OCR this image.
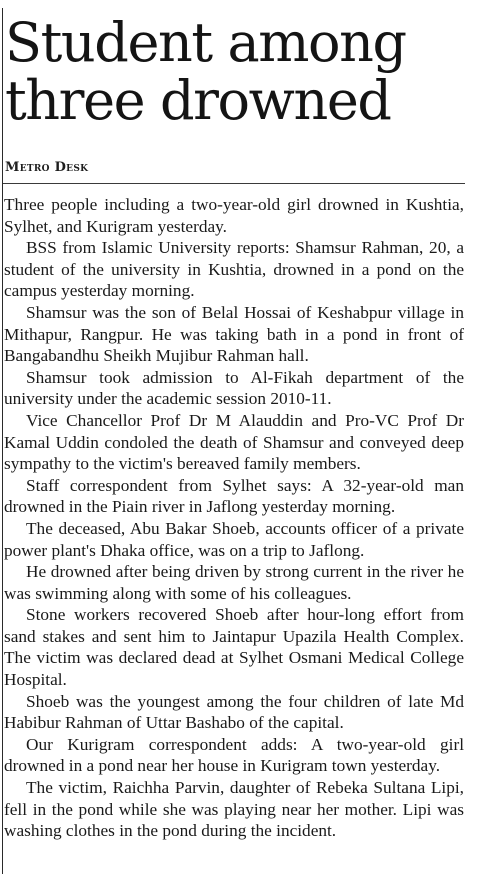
Student among
three drowned
Metro Desk

Three people including a two-year-old girl drowned in Kushtia, Sylhet, and Kurigram yesterday.

BSS from Islamic University reports: Shamsur Rahman, 20, a student of the university in Kushtia, drowned in a pond on the campus yesterday morning.

Shamsur was the son of Belal Hossai of Keshabpur village in Mithapur, Rangpur. He was taking bath in a pond in front of Bangabandhu Sheikh Mujibur Rahman hall.

Shamsur took admission to Al-Fikah department of the university under the academic session 2010-11.

Vice Chancellor Prof Dr M Alauddin and Pro-VC Prof Dr Kamal Uddin condoled the death of Shamsur and conveyed deep sympathy to the victim's bereaved family members.

Staff correspondent from Sylhet says: A 32-year-old man drowned in the Piain river in Jaflong yesterday morning.

The deceased, Abu Bakar Shoeb, accounts officer of a private power plant's Dhaka office, was on a trip to Jaflong.

He drowned after being driven by strong current in the river he was swimming along with some of his colleagues.

Stone workers recovered Shoeb after hour-long effort from sand stakes and sent him to Jaintapur Upazila Health Complex. The victim was declared dead at Sylhet Osmani Medical College Hospital.

Shoeb was the youngest among the four children of late Md Habibur Rahman of Uttar Bashabo of the capital.

Our Kurigram correspondent adds: A two-year-old girl drowned in a pond near her house in Kurigram town yesterday.

The victim, Raichha Parvin, daughter of Rebeka Sultana Lipi, fell in the pond while she was playing near her mother. Lipi was washing clothes in the pond during the incident.
